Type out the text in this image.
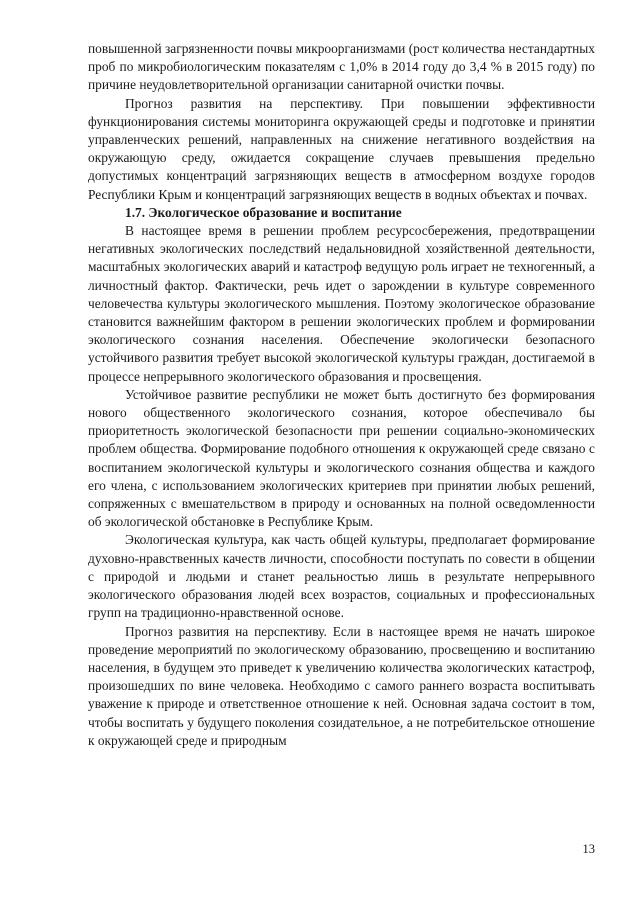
повышенной загрязненности почвы микроорганизмами (рост количества нестандартных проб по микробиологическим показателям с 1,0% в 2014 году до 3,4 % в 2015 году) по причине неудовлетворительной организации санитарной очистки почвы.

Прогноз развития на перспективу. При повышении эффективности функционирования системы мониторинга окружающей среды и подготовке и принятии управленческих решений, направленных на снижение негативного воздействия на окружающую среду, ожидается сокращение случаев превышения предельно допустимых концентраций загрязняющих веществ в атмосферном воздухе городов Республики Крым и концентраций загрязняющих веществ в водных объектах и почвах.

1.7. Экологическое образование и воспитание

В настоящее время в решении проблем ресурсосбережения, предотвращении негативных экологических последствий недальновидной хозяйственной деятельности, масштабных экологических аварий и катастроф ведущую роль играет не техногенный, а личностный фактор. Фактически, речь идет о зарождении в культуре современного человечества культуры экологического мышления. Поэтому экологическое образование становится важнейшим фактором в решении экологических проблем и формировании экологического сознания населения. Обеспечение экологически безопасного устойчивого развития требует высокой экологической культуры граждан, достигаемой в процессе непрерывного экологического образования и просвещения.

Устойчивое развитие республики не может быть достигнуто без формирования нового общественного экологического сознания, которое обеспечивало бы приоритетность экологической безопасности при решении социально-экономических проблем общества. Формирование подобного отношения к окружающей среде связано с воспитанием экологической культуры и экологического сознания общества и каждого его члена, с использованием экологических критериев при принятии любых решений, сопряженных с вмешательством в природу и основанных на полной осведомленности об экологической обстановке в Республике Крым.

Экологическая культура, как часть общей культуры, предполагает формирование духовно-нравственных качеств личности, способности поступать по совести в общении с природой и людьми и станет реальностью лишь в результате непрерывного экологического образования людей всех возрастов, социальных и профессиональных групп на традиционно-нравственной основе.

Прогноз развития на перспективу. Если в настоящее время не начать широкое проведение мероприятий по экологическому образованию, просвещению и воспитанию населения, в будущем это приведет к увеличению количества экологических катастроф, произошедших по вине человека. Необходимо с самого раннего возраста воспитывать уважение к природе и ответственное отношение к ней. Основная задача состоит в том, чтобы воспитать у будущего поколения созидательное, а не потребительское отношение к окружающей среде и природным

13
